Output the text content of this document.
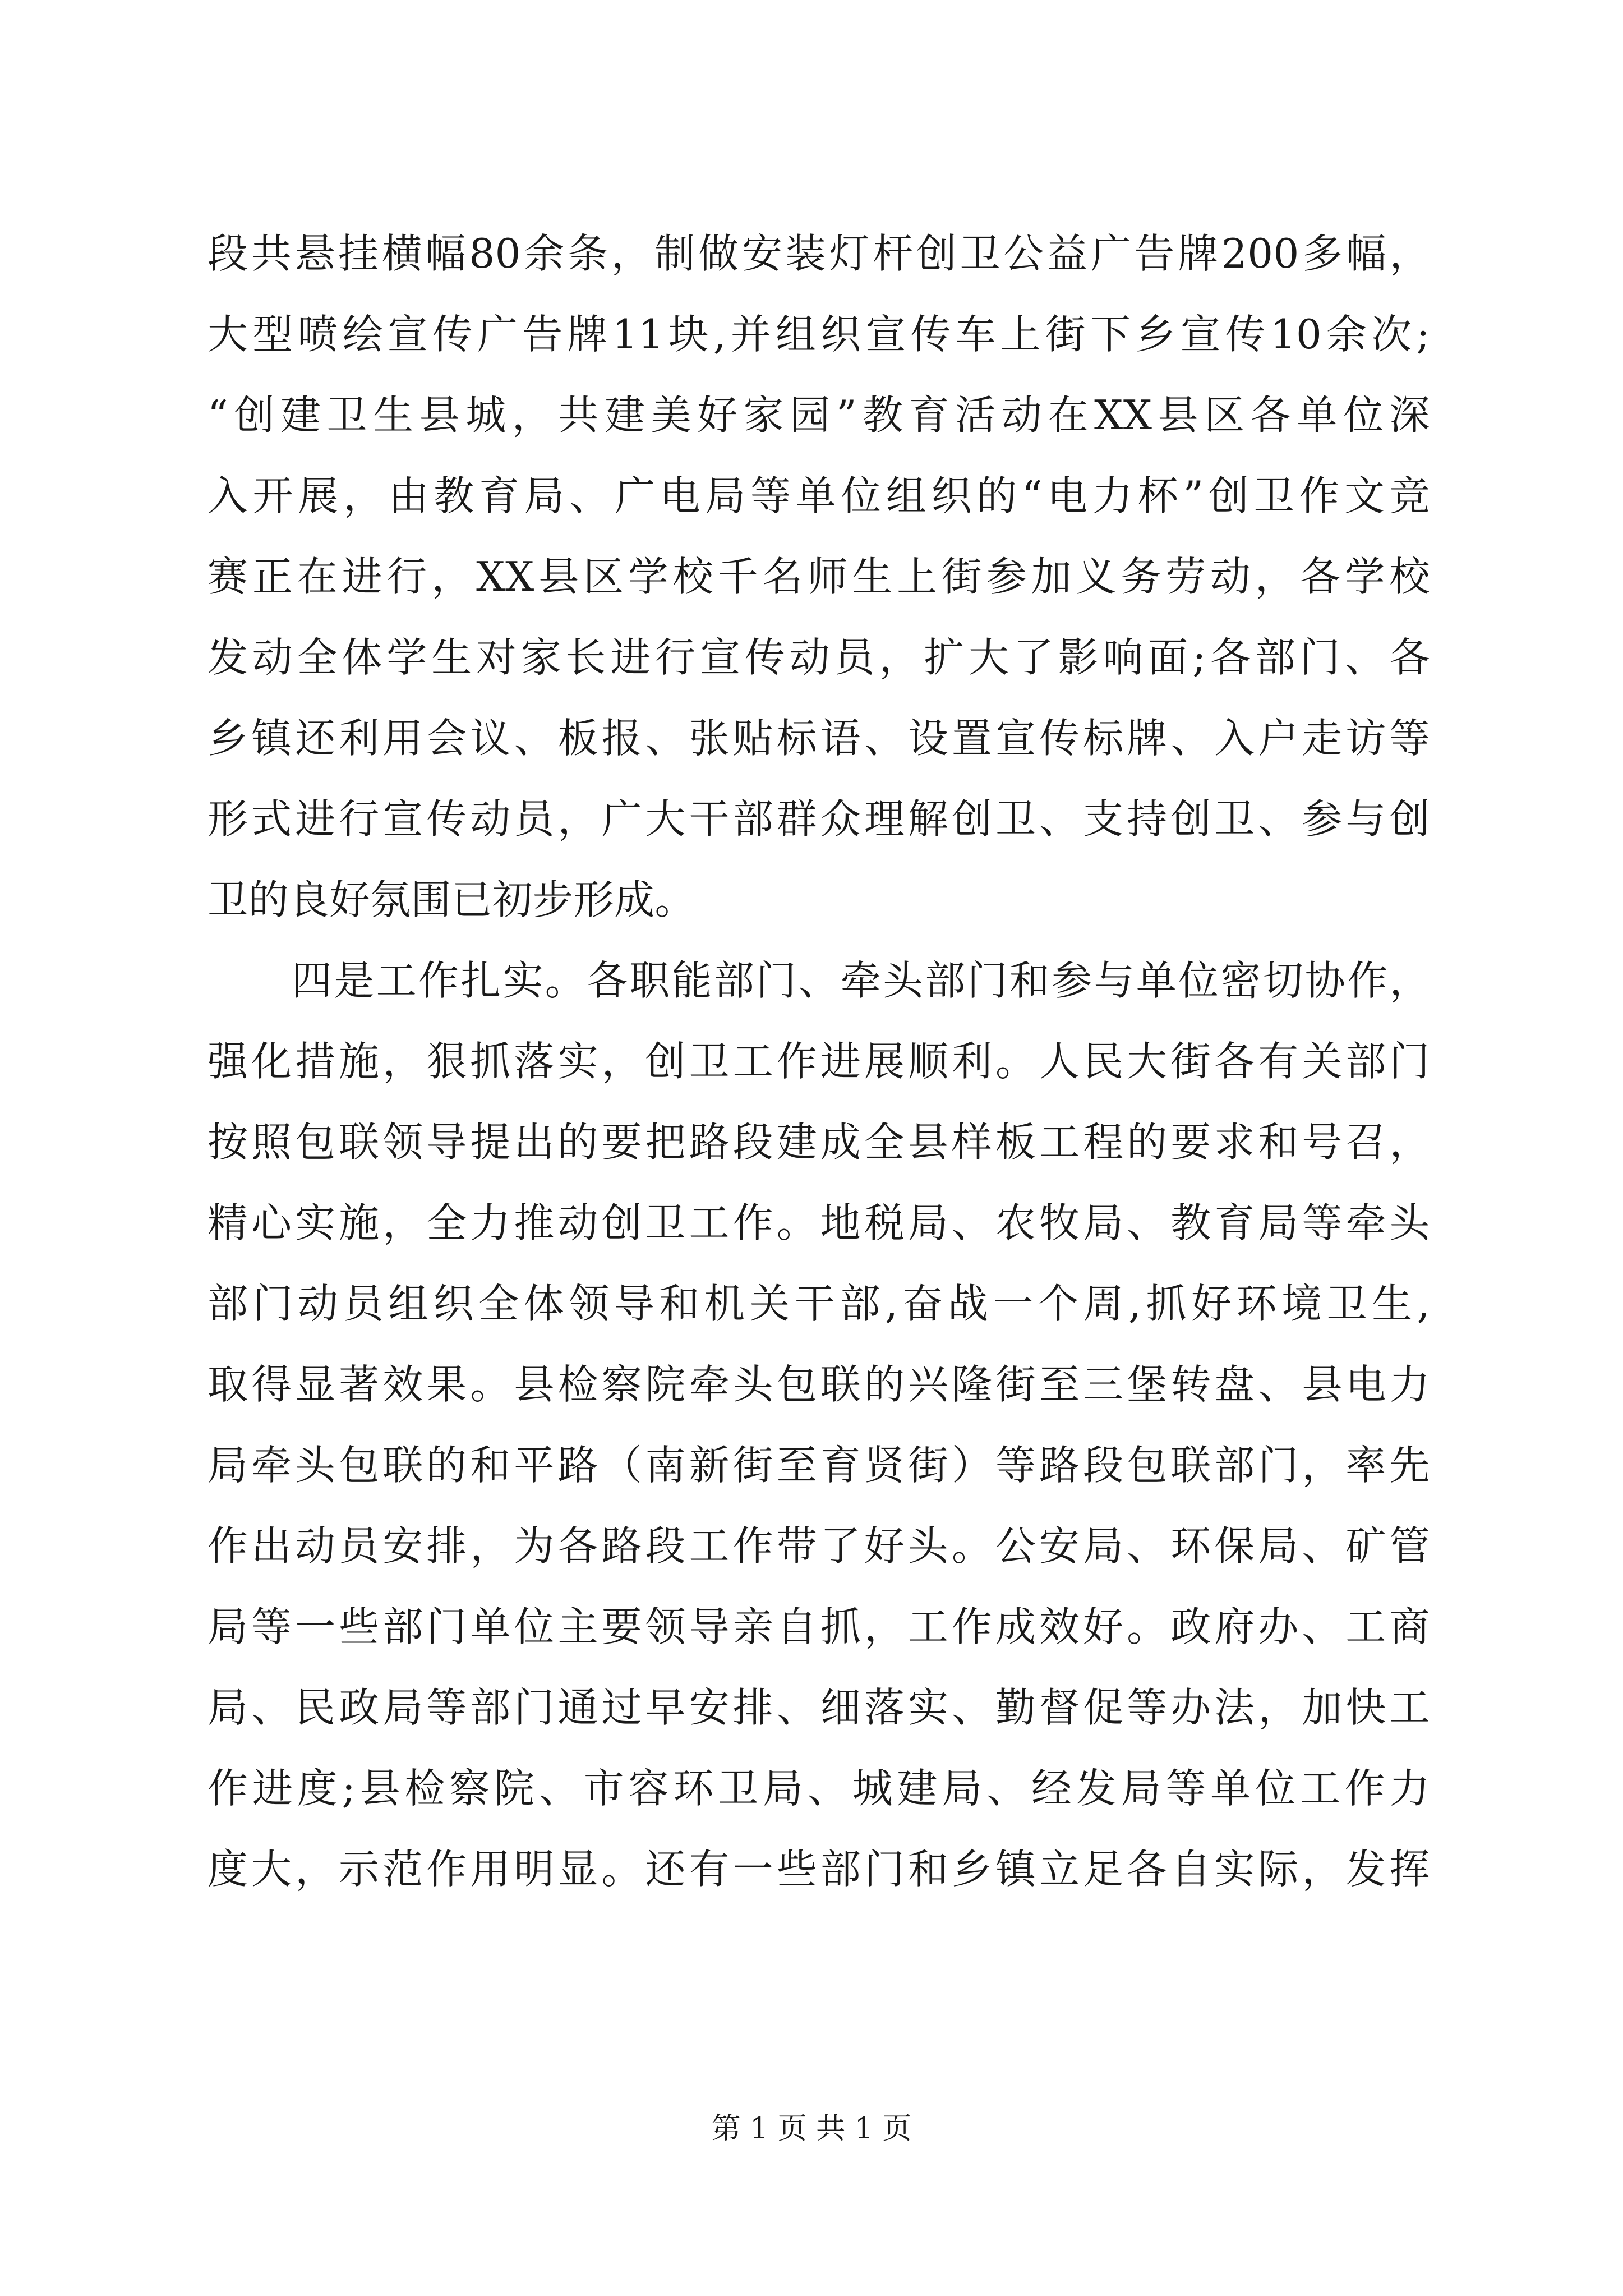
段共悬挂横幅80余条，制做安装灯杆创卫公益广告牌200多幅，
大型喷绘宣传广告牌11块,并组织宣传车上街下乡宣传10余次;
“创建卫生县城，共建美好家园”教育活动在XX县区各单位深
入开展，由教育局、广电局等单位组织的“电力杯”创卫作文竞
赛正在进行，XX县区学校千名师生上街参加义务劳动，各学校
发动全体学生对家长进行宣传动员，扩大了影响面;各部门、各
乡镇还利用会议、板报、张贴标语、设置宣传标牌、入户走访等
形式进行宣传动员，广大干部群众理解创卫、支持创卫、参与创
卫的良好氛围已初步形成。
四是工作扎实。各职能部门、牵头部门和参与单位密切协作，
强化措施，狠抓落实，创卫工作进展顺利。人民大街各有关部门
按照包联领导提出的要把路段建成全县样板工程的要求和号召，
精心实施，全力推动创卫工作。地税局、农牧局、教育局等牵头
部门动员组织全体领导和机关干部,奋战一个周,抓好环境卫生,
取得显著效果。县检察院牵头包联的兴隆街至三堡转盘、县电力
局牵头包联的和平路（南新街至育贤街）等路段包联部门，率先
作出动员安排，为各路段工作带了好头。公安局、环保局、矿管
局等一些部门单位主要领导亲自抓，工作成效好。政府办、工商
局、民政局等部门通过早安排、细落实、勤督促等办法，加快工
作进度;县检察院、市容环卫局、城建局、经发局等单位工作力
度大，示范作用明显。还有一些部门和乡镇立足各自实际，发挥
第 1 页 共 1 页
